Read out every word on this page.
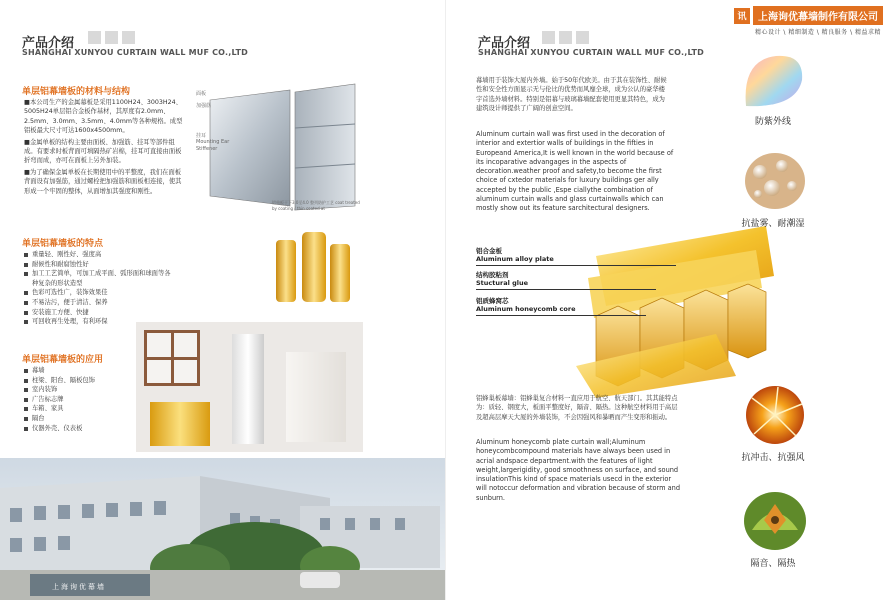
产品介绍
SHANGHAI XUNYOU CURTAIN WALL MUF CO.,LTD
单层铝幕墙板的材料与结构
■本公司生产的金属幕板是采用1100H24、3003H24、5005H24单层铝合金板作基材，其厚度有2.0mm、2.5mm、3.0mm、3.5mm、4.0mm等各种规格。成型铝板最大尺寸可达1600x4500mm。
■金属单板的结构主要由面板、加强筋、挂耳等部件组成。有要求时板背面可填隔热矿岩棉，挂耳可直接由面板折弯而成，亦可在面板上另外加装。
■为了确保金属单板在长期使用中的平整度，我们在面板背面设有加强筋，通过螺栓把加强筋和面板相连接，使其形成一个牢固的整体，从面增加其强度和刚性。
面板
加强筋
挂耳
Mounting Ear
Stiffener
铝单板于下3.0至4.0 整列防护工艺 coat treated by coating / thin coated at
单层铝幕墙板的特点
重量轻、刚性好、强度高
耐候性和耐腐蚀性好
加工工艺简单，可加工成平面、弧形面和球面等各种复杂的形状造型
色彩可选性广，装饰效果佳
不易沾污，便于清洁、保养
安装施工方便、快捷
可回收再生处理，有利环保
单层铝幕墙板的应用
幕墙
柱梁、阳台、隔板包饰
室内装饰
广告标志牌
车箱、家具
隔台
仪器外壳、仪表板
上海询优幕墙
讯	上海询优幕墙制作有限公司
精心设计 \ 精细制造 \ 精良服务 \ 精益求精
产品介绍
SHANGHAI XUNYOU CURTAIN WALL MUF CO.,LTD
幕墙用于装饰大厦内外墙。始于50年代欧美。由于其在装饰性、耐候性和安全性方面显示无与伦比的优势而风靡全球，成为公认的豪华楼宇首选外墙材料。特别是铝幕与玻璃幕墙配套使用更显其特色，成为建筑设计师提供了广阔的创意空间。
Aluminum curtain wall was first used in the decoration of interior and extertior walls of buildings in the fifties in Europeand America,It is well known in the world because of its incoparative advangages in the aspects of decoration.weather proof and safety,to become the first choice of cxtedor materials for luxury buildings ger ally accepted by the public ,Espe ciallythe combination of aluminum curtain walls and glass curtainwalls which can mostly show out its feature sarchitectural designers.
铝合金板
Aluminum alloy plate
结构胶粘剂
Stuctural glue
铝质蜂窝芯
Aluminum honeycomb core
铝蜂巢板幕墙：铝蜂巢复合材料一直应用于航空、航天部门。其其能特点为：质轻、钢度大，板面平整度好，隔音、隔热。这种航空材料用于高层及超高层摩天大厦的外墙装饰，不会因强风和暴晒而产生变形和振动。
Aluminum honeycomb plate curtain wall;Aluminum honeycombcompound materials have always been used in acrial andspace department.with the features of light weight,largerigidity, good smoothness on surface, and sound insulationThis kind of space materials usecd in the exterior will notoccur deformation and vibration because of storm and sunburn.
防紫外线
抗盐雾、耐潮湿
抗冲击、抗强风
隔音、隔热
